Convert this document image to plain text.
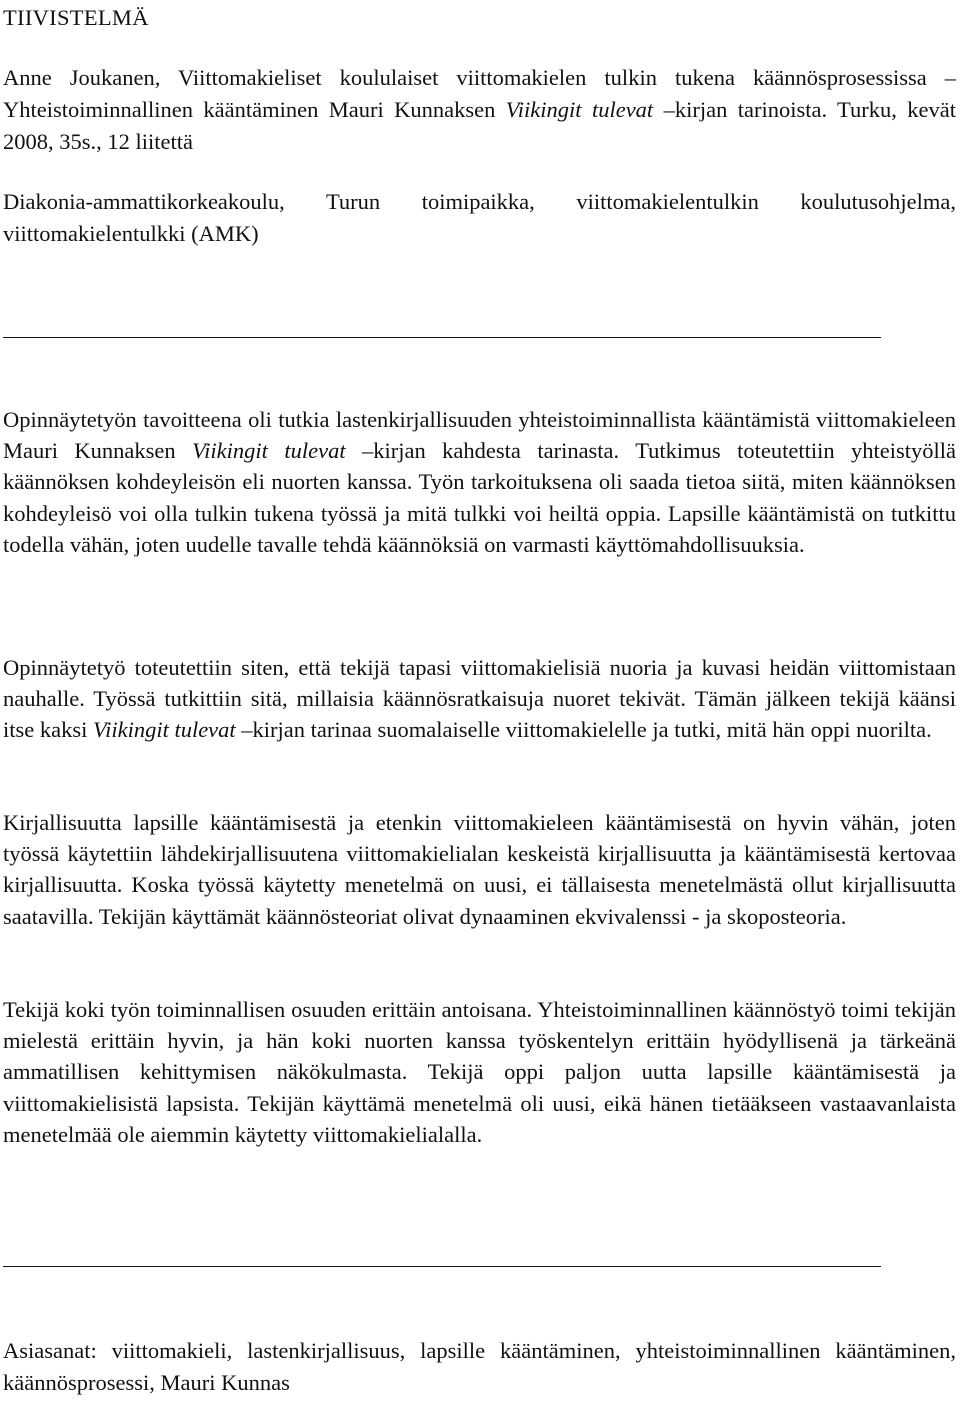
TIIVISTELMÄ

Anne Joukanen, Viittomakieliset koululaiset viittomakielen tulkin tukena käännösprosessissa – Yhteistoiminnallinen kääntäminen Mauri Kunnaksen Viikingit tulevat –kirjan tarinoista. Turku, kevät 2008, 35s., 12 liitettä

Diakonia-ammattikorkeakoulu, Turun toimipaikka, viittomakielentulkin koulutusohjelma, viittomakielentulkki (AMK)

Opinnäytetyön tavoitteena oli tutkia lastenkirjallisuuden yhteistoiminnallista kääntämistä viittomakieleen Mauri Kunnaksen Viikingit tulevat –kirjan kahdesta tarinasta. Tutkimus toteutettiin yhteistyöllä käännöksen kohdeyleisön eli nuorten kanssa. Työn tarkoituksena oli saada tietoa siitä, miten käännöksen kohdeyleisö voi olla tulkin tukena työssä ja mitä tulkki voi heiltä oppia. Lapsille kääntämistä on tutkittu todella vähän, joten uudelle tavalle tehdä käännöksiä on varmasti käyttömahdollisuuksia.

Opinnäytetyö toteutettiin siten, että tekijä tapasi viittomakielisiä nuoria ja kuvasi heidän viittomistaan nauhalle. Työssä tutkittiin sitä, millaisia käännösratkaisuja nuoret tekivät. Tämän jälkeen tekijä käänsi itse kaksi Viikingit tulevat –kirjan tarinaa suomalaiselle viittomakielelle ja tutki, mitä hän oppi nuorilta.

Kirjallisuutta lapsille kääntämisestä ja etenkin viittomakieleen kääntämisestä on hyvin vähän, joten työssä käytettiin lähdekirjallisuutena viittomakielialan keskeistä kirjallisuutta ja kääntämisestä kertovaa kirjallisuutta. Koska työssä käytetty menetelmä on uusi, ei tällaisesta menetelmästä ollut kirjallisuutta saatavilla. Tekijän käyttämät käännösteoriat olivat dynaaminen ekvivalenssi - ja skoposteoria.

Tekijä koki työn toiminnallisen osuuden erittäin antoisana. Yhteistoiminnallinen käännöstyö toimi tekijän mielestä erittäin hyvin, ja hän koki nuorten kanssa työskentelyn erittäin hyödyllisenä ja tärkeänä ammatillisen kehittymisen näkökulmasta. Tekijä oppi paljon uutta lapsille kääntämisestä ja viittomakielisistä lapsista. Tekijän käyttämä menetelmä oli uusi, eikä hänen tietääkseen vastaavanlaista menetelmää ole aiemmin käytetty viittomakielialalla.

Asiasanat: viittomakieli, lastenkirjallisuus, lapsille kääntäminen, yhteistoiminnallinen kääntäminen, käännösprosessi, Mauri Kunnas
